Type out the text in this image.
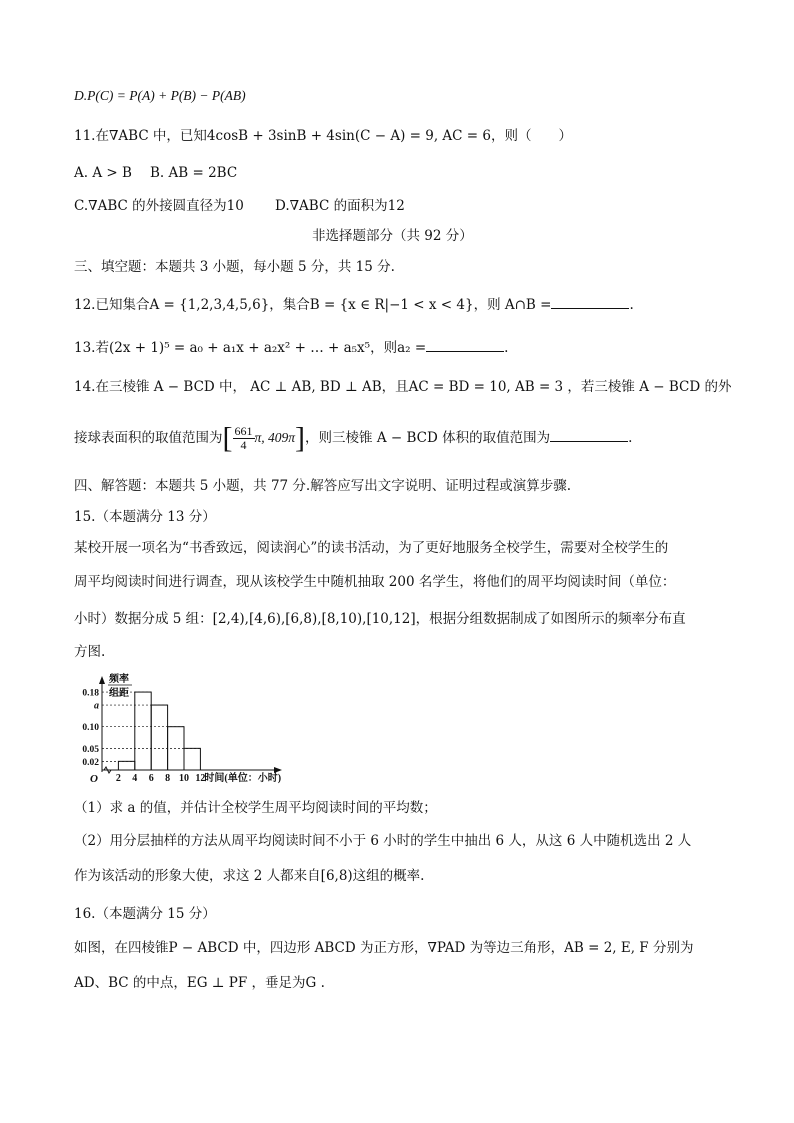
D.P(C) = P(A) + P(B) − P(AB)
11.在∇ABC 中，已知4cosB + 3sinB + 4sin(C − A) = 9, AC = 6，则（　　）
A. A > B B. AB = 2BC
C.∇ABC 的外接圆直径为10 D.∇ABC 的面积为12
非选择题部分（共 92 分）
三、填空题：本题共 3 小题，每小题 5 分，共 15 分.
12.已知集合A = {1,2,3,4,5,6}，集合B = {x ∈ R|−1 < x < 4}，则 A∩B =	.
13.若(2x + 1)⁵ = a₀ + a₁x + a₂x² + … + a₅x⁵，则a₂ =	.
14.在三棱锥 A − BCD 中， AC ⊥ AB, BD ⊥ AB，且AC = BD = 10, AB = 3 ，若三棱锥 A − BCD 的外
接球表面积的取值范围为[ $\frac{661}{4} \pi$, 409π]，则三棱锥 A − BCD 体积的取值范围为	.
四、解答题：本题共 5 小题，共 77 分.解答应写出文字说明、证明过程或演算步骤.
15.（本题满分 13 分）
某校开展一项名为“书香致远，阅读润心”的读书活动，为了更好地服务全校学生，需要对全校学生的
周平均阅读时间进行调查，现从该校学生中随机抽取 200 名学生，将他们的周平均阅读时间（单位：
小时）数据分成 5 组：[2,4),[4,6),[6,8),[8,10),[10,12]，根据分组数据制成了如图所示的频率分布直
方图.
0.18
a
0.10
0.05
0.02
2 4 6 8 10 12
O
频率
组距
时间(单位：小时)
（1）求 a 的值，并估计全校学生周平均阅读时间的平均数；
（2）用分层抽样的方法从周平均阅读时间不小于 6 小时的学生中抽出 6 人，从这 6 人中随机选出 2 人
作为该活动的形象大使，求这 2 人都来自[6,8)这组的概率.
16.（本题满分 15 分）
如图，在四棱锥P − ABCD 中，四边形 ABCD 为正方形，∇PAD 为等边三角形，AB = 2, E, F 分别为
AD、BC 的中点，EG ⊥ PF ，垂足为G .
